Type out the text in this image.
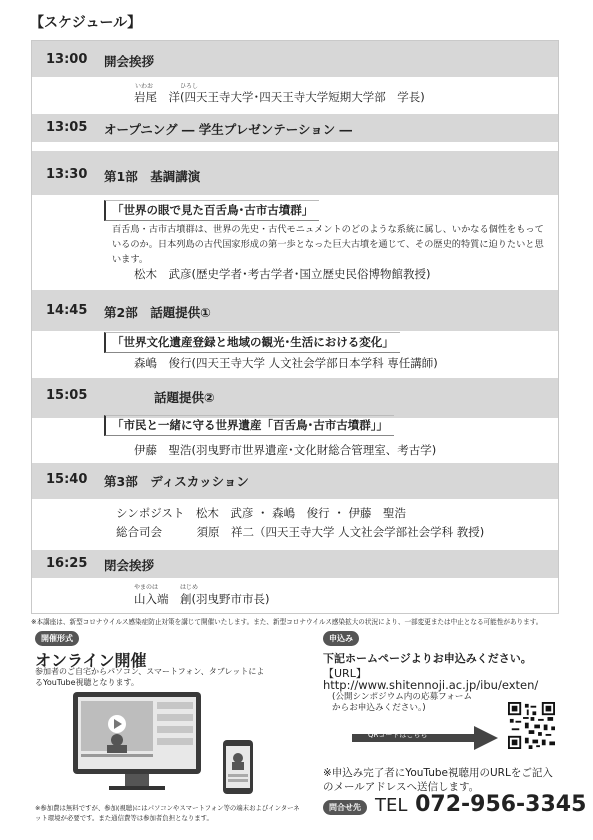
【スケジュール】
13:00 開会挨拶
いわお	ひろし
岩尾　洋(四天王寺大学･四天王寺大学短期大学部　学長)
13:05 オープニング ― 学生プレゼンテーション ―
13:30 第1部　基調講演
「世界の眼で見た百舌鳥･古市古墳群」
百舌鳥・古市古墳群は、世界の先史・古代モニュメントのどのような系統に属し、いかなる個性をもっているのか。日本列島の古代国家形成の第一歩となった巨大古墳を通じて、その歴史的特質に迫りたいと思います。
松木　武彦(歴史学者･考古学者･国立歴史民俗博物館教授)
14:45 第2部　話題提供①
「世界文化遺産登録と地域の観光･生活における変化」
森嶋　俊行(四天王寺大学 人文社会学部日本学科 専任講師)
15:05	話題提供②
「市民と一緒に守る世界遺産「百舌鳥･古市古墳群」」
伊藤　聖浩(羽曳野市世界遺産･文化財総合管理室、考古学)
15:40 第3部　ディスカッション
シンポジスト　松木　武彦 ・ 森嶋　俊行 ・ 伊藤　聖浩
総合司会　　　須原　祥二（四天王寺大学 人文社会学部社会学科 教授)
16:25 閉会挨拶
やまのは	はじめ
山入端　創(羽曳野市市長)
※本講座は、新型コロナウイルス感染症防止対策を講じて開催いたします。また、新型コロナウイルス感染拡大の状況により、一部変更または中止となる可能性があります。
開催形式
オンライン開催
参加者のご自宅からパソコン、スマートフォン、タブレットによるYouTube視聴となります。
※参加費は無料ですが、参加(視聴)にはパソコンやスマートフォン等の端末およびインターネット環境が必要です。また通信費等は参加者負担となります。
申込み
下記ホームページよりお申込みください。
【URL】
http://www.shitennoji.ac.jp/ibu/exten/
(公開シンポジウム内の応募フォーム
からお申込みください。)
QRコードはこちら
※申込み完了者にYouTube視聴用のURLをご記入
のメールアドレスへ送信します。
問合せ先 TEL 072-956-3345
